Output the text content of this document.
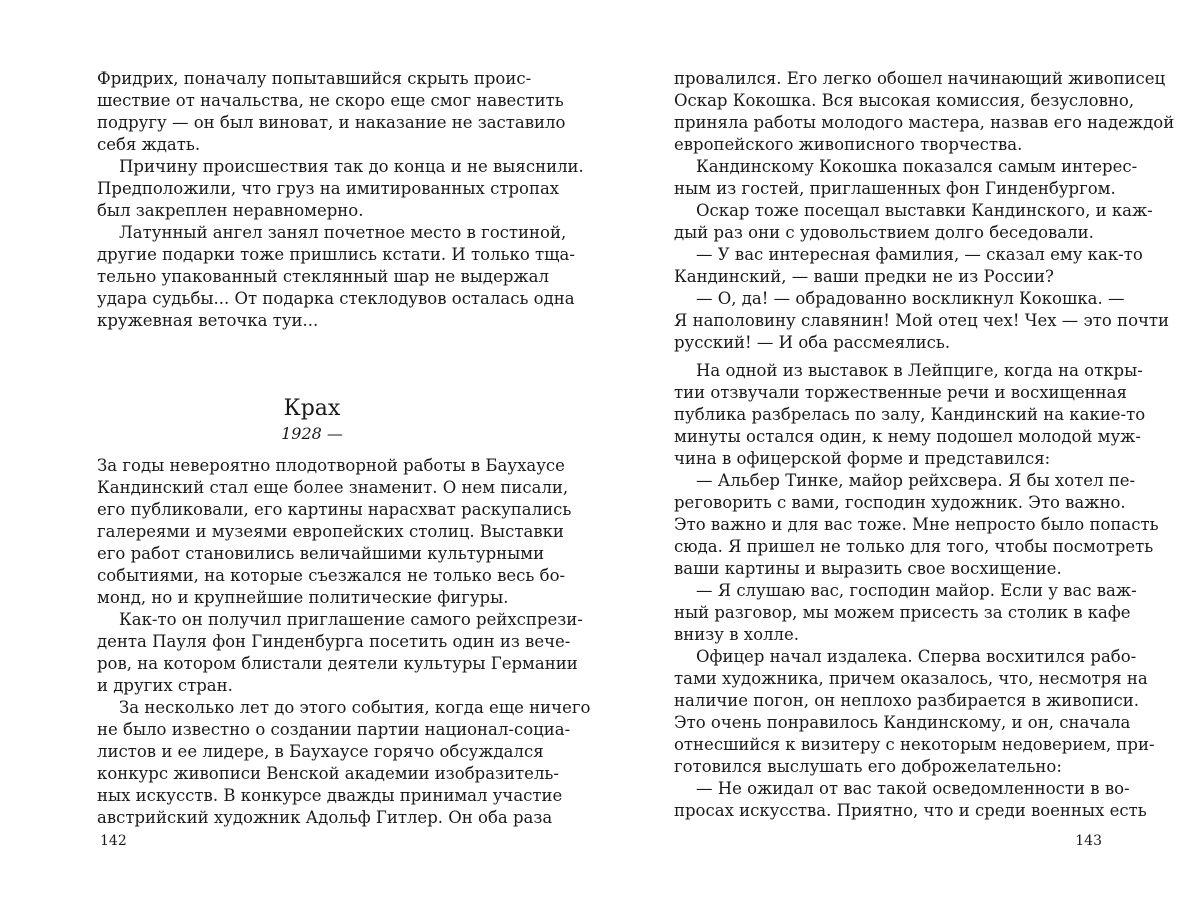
Крах
1928 —
142
Фридрих, поначалу попытавшийся скрыть проис-
шествие от начальства, не скоро еще смог навестить
подругу — он был виноват, и наказание не заставило
себя ждать.
Причину происшествия так до конца и не выяснили.
Предположили, что груз на имитированных стропах
был закреплен неравномерно.
Латунный ангел занял почетное место в гостиной,
другие подарки тоже пришлись кстати. И только тща-
тельно упакованный стеклянный шар не выдержал
удара судьбы... От подарка стеклодувов осталась одна
кружевная веточка туи...
За годы невероятно плодотворной работы в Баухаусе
Кандинский стал еще более знаменит. О нем писали,
его публиковали, его картины нарасхват раскупались
галереями и музеями европейских столиц. Выставки
его работ становились величайшими культурными
событиями, на которые съезжался не только весь бо-
монд, но и крупнейшие политические фигуры.
Как-то он получил приглашение самого рейхспрези-
дента Пауля фон Гинденбурга посетить один из вече-
ров, на котором блистали деятели культуры Германии
и других стран.
За несколько лет до этого события, когда еще ничего
не было известно о создании партии национал-социа-
листов и ее лидере, в Баухаусе горячо обсуждался
конкурс живописи Венской академии изобразитель-
ных искусств. В конкурсе дважды принимал участие
австрийский художник Адольф Гитлер. Он оба раза
143
провалился. Его легко обошел начинающий живописец
Оскар Кокошка. Вся высокая комиссия, безусловно,
приняла работы молодого мастера, назвав его надеждой
европейского живописного творчества.
Кандинскому Кокошка показался самым интерес-
ным из гостей, приглашенных фон Гинденбургом.
Оскар тоже посещал выставки Кандинского, и каж-
дый раз они с удовольствием долго беседовали.
— У вас интересная фамилия, — сказал ему как-то
Кандинский, — ваши предки не из России?
— О, да! — обрадованно воскликнул Кокошка. —
Я наполовину славянин! Мой отец чех! Чех — это почти
русский! — И оба рассмеялись.
На одной из выставок в Лейпциге, когда на откры-
тии отзвучали торжественные речи и восхищенная
публика разбрелась по залу, Кандинский на какие-то
минуты остался один, к нему подошел молодой муж-
чина в офицерской форме и представился:
— Альбер Тинке, майор рейхсвера. Я бы хотел пе-
реговорить с вами, господин художник. Это важно.
Это важно и для вас тоже. Мне непросто было попасть
сюда. Я пришел не только для того, чтобы посмотреть
ваши картины и выразить свое восхищение.
— Я слушаю вас, господин майор. Если у вас важ-
ный разговор, мы можем присесть за столик в кафе
внизу в холле.
Офицер начал издалека. Сперва восхитился рабо-
тами художника, причем оказалось, что, несмотря на
наличие погон, он неплохо разбирается в живописи.
Это очень понравилось Кандинскому, и он, сначала
отнесшийся к визитеру с некоторым недоверием, при-
готовился выслушать его доброжелательно:
— Не ожидал от вас такой осведомленности в во-
просах искусства. Приятно, что и среди военных есть
